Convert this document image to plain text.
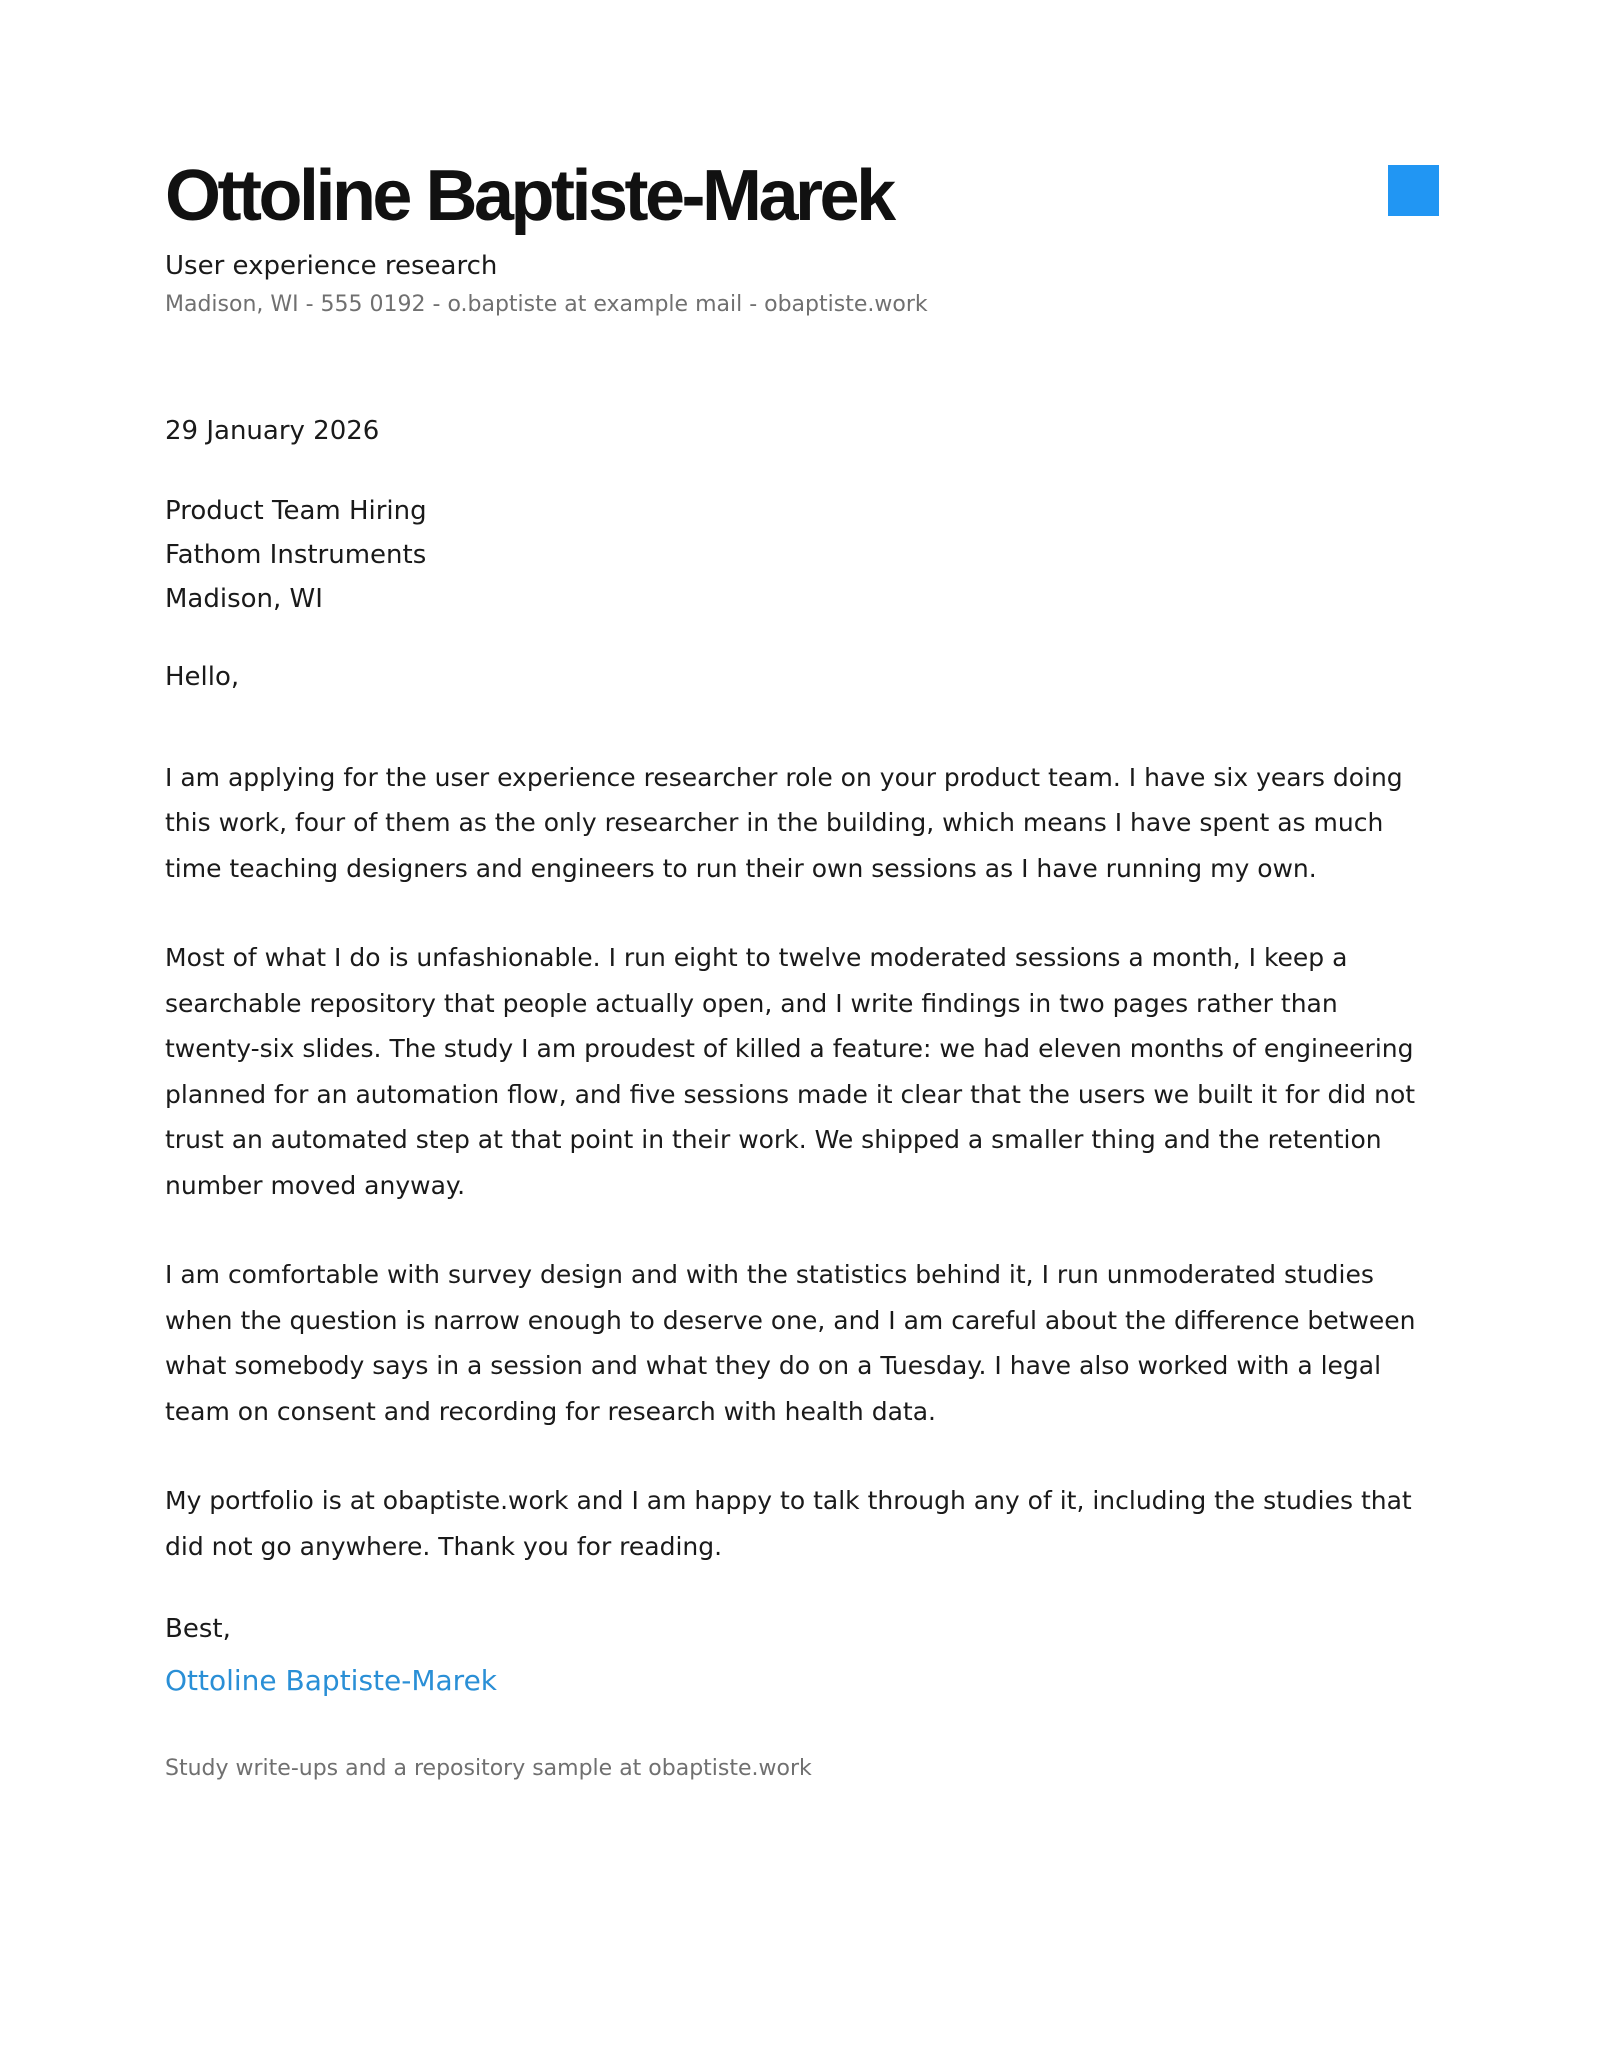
Ottoline Baptiste-Marek
User experience research
Madison, WI - 555 0192 - o.baptiste at example mail - obaptiste.work
29 January 2026
Product Team Hiring
Fathom Instruments
Madison, WI
Hello,

I am applying for the user experience researcher role on your product team. I have six years doing this work, four of them as the only researcher in the building, which means I have spent as much time teaching designers and engineers to run their own sessions as I have running my own.

Most of what I do is unfashionable. I run eight to twelve moderated sessions a month, I keep a searchable repository that people actually open, and I write findings in two pages rather than twenty-six slides. The study I am proudest of killed a feature: we had eleven months of engineering planned for an automation flow, and five sessions made it clear that the users we built it for did not trust an automated step at that point in their work. We shipped a smaller thing and the retention number moved anyway.

I am comfortable with survey design and with the statistics behind it, I run unmoderated studies when the question is narrow enough to deserve one, and I am careful about the difference between what somebody says in a session and what they do on a Tuesday. I have also worked with a legal team on consent and recording for research with health data.

My portfolio is at obaptiste.work and I am happy to talk through any of it, including the studies that did not go anywhere. Thank you for reading.

Best,
Ottoline Baptiste-Marek
Study write-ups and a repository sample at obaptiste.work
